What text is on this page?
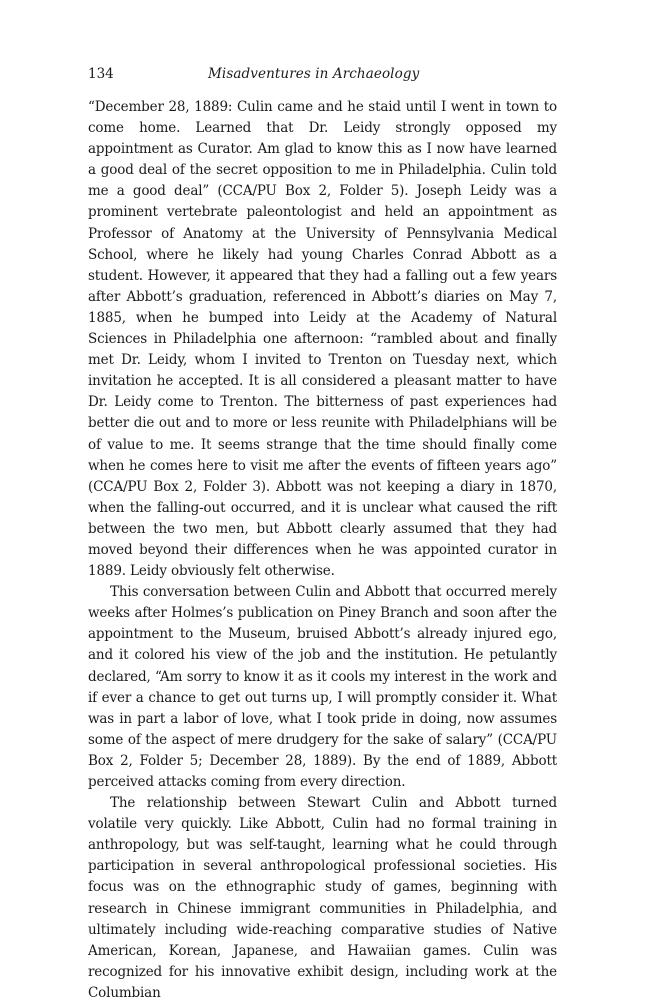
134	Misadventures in Archaeology

“December 28, 1889: Culin came and he staid until I went in town to come home. Learned that Dr. Leidy strongly opposed my appointment as Curator. Am glad to know this as I now have learned a good deal of the secret opposition to me in Philadelphia. Culin told me a good deal” (CCA/PU Box 2, Folder 5). Joseph Leidy was a prominent vertebrate paleontologist and held an appointment as Professor of Anatomy at the University of Pennsylvania Medical School, where he likely had young Charles Conrad Abbott as a student. However, it appeared that they had a falling out a few years after Abbott’s graduation, referenced in Abbott’s diaries on May 7, 1885, when he bumped into Leidy at the Academy of Natural Sciences in Philadelphia one afternoon: “rambled about and finally met Dr. Leidy, whom I invited to Trenton on Tuesday next, which invitation he accepted. It is all considered a pleasant matter to have Dr. Leidy come to Trenton. The bitterness of past experiences had better die out and to more or less reunite with Philadelphians will be of value to me. It seems strange that the time should finally come when he comes here to visit me after the events of fifteen years ago” (CCA/PU Box 2, Folder 3). Abbott was not keeping a diary in 1870, when the falling-out occurred, and it is unclear what caused the rift between the two men, but Abbott clearly assumed that they had moved beyond their differences when he was appointed curator in 1889. Leidy obviously felt otherwise.

This conversation between Culin and Abbott that occurred merely weeks after Holmes’s publication on Piney Branch and soon after the appointment to the Museum, bruised Abbott’s already injured ego, and it colored his view of the job and the institution. He petulantly declared, “Am sorry to know it as it cools my interest in the work and if ever a chance to get out turns up, I will promptly consider it. What was in part a labor of love, what I took pride in doing, now assumes some of the aspect of mere drudgery for the sake of salary” (CCA/PU Box 2, Folder 5; December 28, 1889). By the end of 1889, Abbott perceived attacks coming from every direction.

The relationship between Stewart Culin and Abbott turned volatile very quickly. Like Abbott, Culin had no formal training in anthropology, but was self-taught, learning what he could through participation in several anthropological professional societies. His focus was on the ethnographic study of games, beginning with research in Chinese immigrant communities in Philadelphia, and ultimately including wide-reaching comparative studies of Native American, Korean, Japanese, and Hawaiian games. Culin was recognized for his innovative exhibit design, including work at the Columbian
